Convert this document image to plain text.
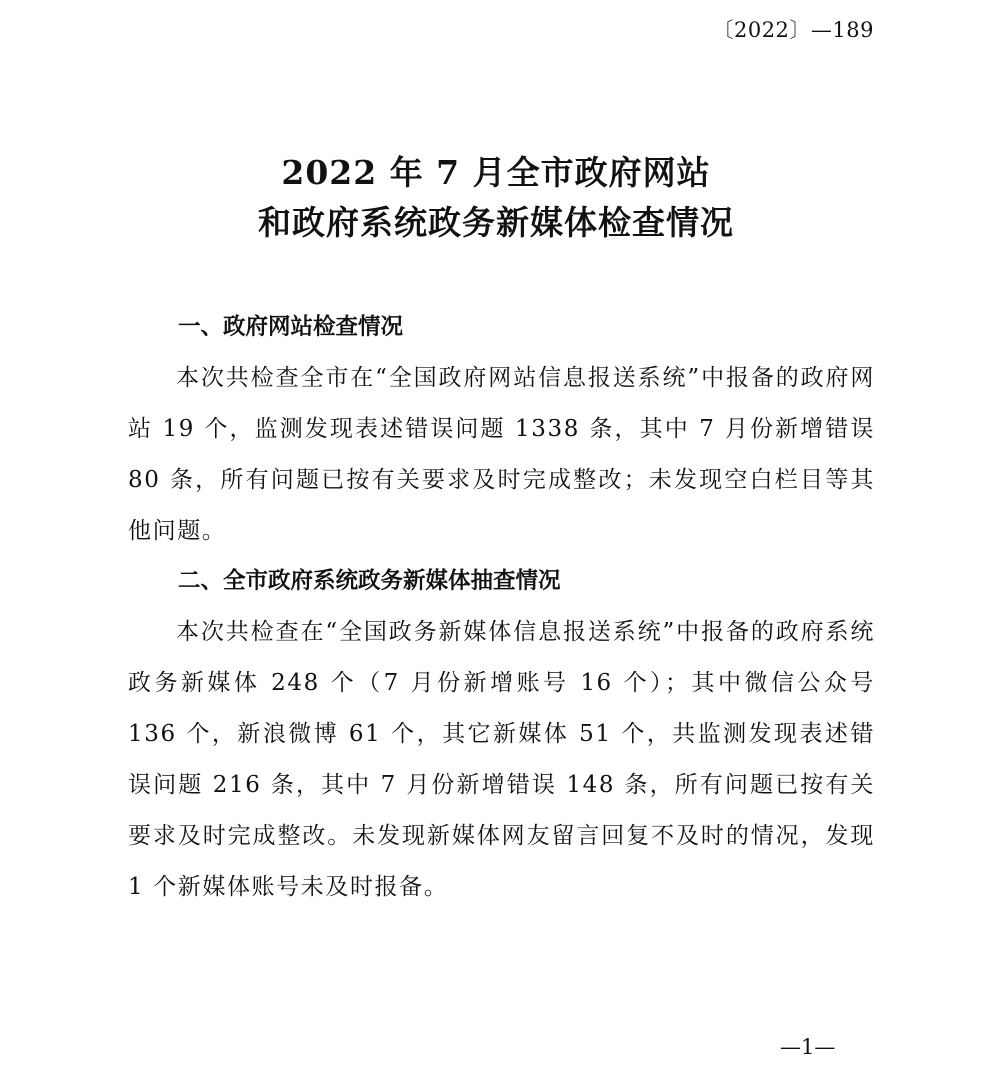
〔2022〕—189
2022 年 7 月全市政府网站
和政府系统政务新媒体检查情况
一、政府网站检查情况

本次共检查全市在“全国政府网站信息报送系统”中报备的政府网站 19 个，监测发现表述错误问题 1338 条，其中 7 月份新增错误 80 条，所有问题已按有关要求及时完成整改；未发现空白栏目等其他问题。

二、全市政府系统政务新媒体抽查情况

本次共检查在“全国政务新媒体信息报送系统”中报备的政府系统政务新媒体 248 个（7 月份新增账号 16 个）；其中微信公众号 136 个，新浪微博 61 个，其它新媒体 51 个，共监测发现表述错误问题 216 条，其中 7 月份新增错误 148 条，所有问题已按有关要求及时完成整改。未发现新媒体网友留言回复不及时的情况，发现 1 个新媒体账号未及时报备。

—1—
